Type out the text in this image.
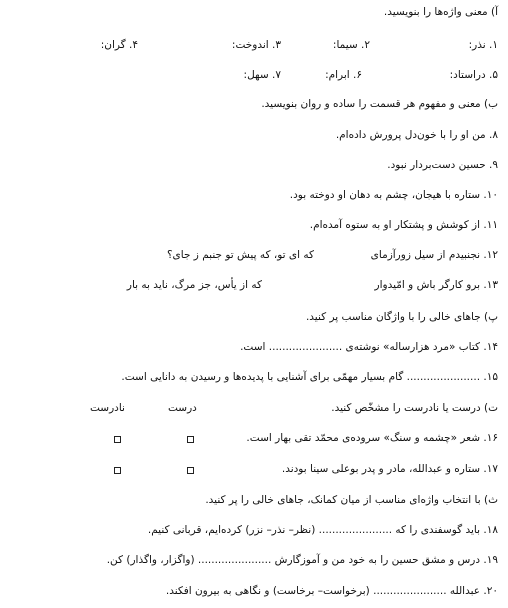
آ) معنی واژه‌ها را بنویسید.
۱. نذر:
۲. سیما:
۳. اندوخت:
۴. گران:
۵. دراستاد:
۶. ابرام:
۷. سهل:
ب) معنی و مفهوم هر قسمت را ساده و روان بنویسید.
۸. من او را با خون‌دل پرورش دادەام.
۹. حسین دست‌بردار نبود.
۱۰. ستاره با هیجان، چشم به دهان او دوخته بود.
۱۱. از کوشش و پشتکار او به ستوه آمدەام.
۱۲. نجنبیدم از سیل زورآزمای
که ای تو، که پیش تو جنبم ز جای؟
۱۳. برو کارگر باش و امّیدوار
که از یأس، جز مرگ، ناید به بار
پ) جاهای خالی را با واژگان مناسب پر کنید.
۱۴. کتاب «مرد هزارساله» نوشته‌ی ...................... است.
۱۵. ...................... گام بسیار مهمّی برای آشنایی با پدیده‌ها و رسیدن به دانایی است.
ت) درست یا نادرست را مشخّص کنید.
درست
نادرست
۱۶. شعر «چشمه و سنگ» سروده‌ی محمّد تقی بهار است.
۱۷. ستاره و عبدالله، مادر و پدر بوعلی سینا بودند.
ث) با انتخاب واژه‌ای مناسب از میان کمانک، جاهای خالی را پر کنید.
۱۸. باید گوسفندی را که ...................... (نظر– نذر– نزر) کرده‌ایم، قربانی کنیم.
۱۹. درس و مشق حسین را به خود من و آموزگارش ...................... (واگزار، واگذار) کن.
۲۰. عبدالله ...................... (برخواست– برخاست) و نگاهی به بیرون افکند.
